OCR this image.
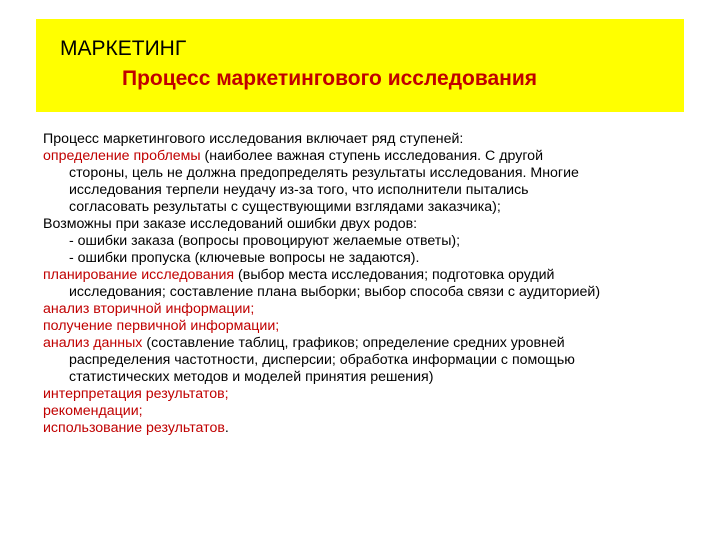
МАРКЕТИНГ
Процесс маркетингового исследования

Процесс маркетингового исследования включает ряд ступеней:

определение проблемы (наиболее важная ступень исследования. С другой

стороны, цель не должна предопределять результаты исследования. Многие

исследования терпели неудачу из-за того, что исполнители пытались

согласовать результаты с существующими взглядами заказчика);

Возможны при заказе исследований ошибки двух родов:

- ошибки заказа (вопросы провоцируют желаемые ответы);

- ошибки пропуска (ключевые вопросы не задаются).

планирование исследования (выбор места исследования; подготовка орудий

исследования; составление плана выборки; выбор способа связи с аудиторией)

анализ вторичной информации;

получение первичной информации;

анализ данных (составление таблиц, графиков; определение средних уровней

распределения частотности, дисперсии; обработка информации с помощью

статистических методов и моделей принятия решения)

интерпретация результатов;

рекомендации;

использование результатов.
